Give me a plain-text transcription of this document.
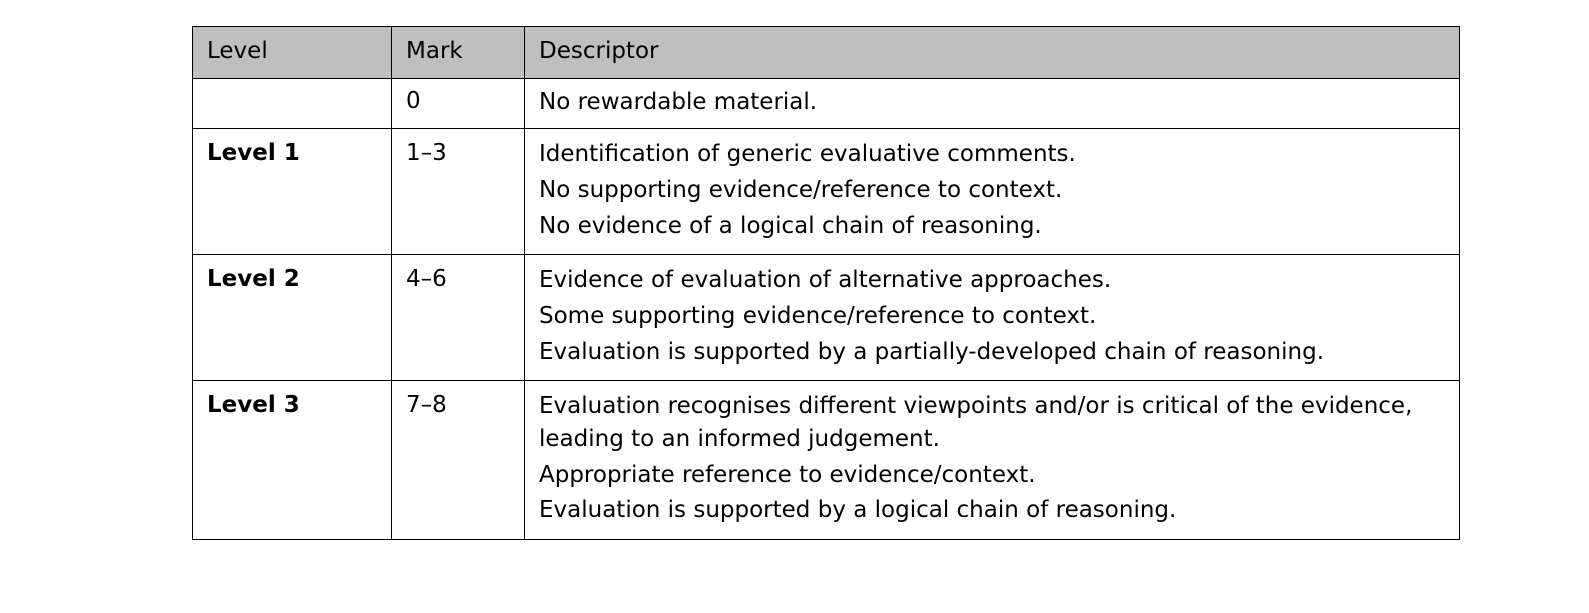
Level	Mark	Descriptor
	0	No rewardable material.

Level 1	1–3	Identification of generic evaluative comments.
No supporting evidence/reference to context.
No evidence of a logical chain of reasoning.

Level 2	4–6	Evidence of evaluation of alternative approaches.
Some supporting evidence/reference to context.
Evaluation is supported by a partially-developed chain of reasoning.

Level 3	7–8	Evaluation recognises different viewpoints and/or is critical of the evidence, leading to an informed judgement.
Appropriate reference to evidence/context.
Evaluation is supported by a logical chain of reasoning.
